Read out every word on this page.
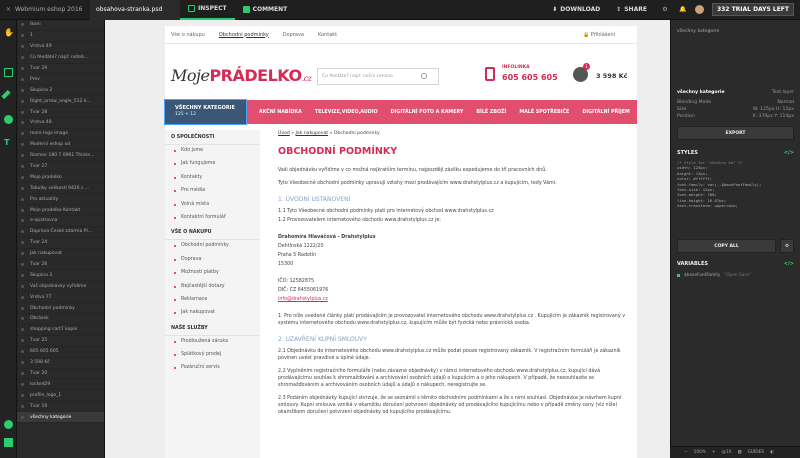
✕ Webmium eshop 2016 obsahova-stranka.psd	INSPECT	COMMENT	⬇ DOWNLOAD	⇪ SHARE	⚙	🔔	332 TRIAL DAYS LEFT
✋
T
Ikoni
1
Vrstva 49
Co hledáte? např. noteb...
Tvar 29
Prev
Skupina 2
Right_arrow_angle_512 k...
Tvar 28
Vrstva 48
more logo image
Moderní eshop od
Rozmer 180 7 0961 Thinks...
Tvar 27
Mojo pradelko
Tabulky velikostí 9426 s ...
Pro aktuality
Mojo pradelko Kontakt
e-opatrovna
Doprava České zdarma Pl...
Tvar 24
Jak nakupovat
Tvar 26
Skupina 3
Vaš objednávky vyřídíme
Vrstva 77
Obchodní podmínky
Obrázek
shopping cart7 kopie
Tvar 25
605 605 605
3 598 Kč
Tvar 20
locked29
profile_logo_1
Tvar 19
všechny kategorie
Vše o nákupu	Obchodní podmínky	Doprava	Kontakt	🔒 Přihlášení
MojePRÁDELKO.cz Co hledáte? např. noční Lenovo
INFOLINKA
605 605 605
1
3 598 Kč
VŠECHNY KATEGORIE
125 + 12	AKČNÍ NABÍDKA	TELEVIZE,VIDEO,AUDIO	DIGITÁLNÍ FOTO A KAMERY	BÍLÉ ZBOŽÍ	MALÉ SPOTŘEBIČE	DIGITÁLNÍ PŘÍJEM
O SPOLEČNOSTI
Kdo jsme
Jak fungujeme
Kontakty
Pro média
Volná místa
Kontaktní formulář
VŠE O NÁKUPU
Obchodní podmínky
Doprava
Možnosti platby
Nejčastější dotazy
Reklamace
Jak nakupovat
NAŠE SLUŽBY
Prodloužená záruka
Splátkový prodej
Pozáruční servis
Úvod » Jak nakupovat » Obchodní podmínky
OBCHODNÍ PODMÍNKY
Vaši objednávku vyřídíme v co možná nejkratším termínu, nejpozději zásilku expedujeme do tří pracovních dnů.
Tyto Všeobecné obchodní podmínky upravují vztahy mezi prodávajícím www.drahstylplus.cz a kupujícím, tedy Vámi.
1. ÚVODNÍ USTANOVENÍ
1.1 Tyto Všeobecné obchodní podmínky platí pro internetový obchod www.drahstylplus.cz
1.2 Provozovatelem internetového obchodu www.drahstylplus.cz je:
Drahomíra Hlaváčová - Drahstylplus
Dehtínská 1222/20
Praha 5 Radotín
15300
IČO: 12582875
DIČ: CZ 6455061976
info@drahstylplus.cz
1. Pro níže uvedené články platí prodávajícím je provozovatel internetového obchodu www.drahstylplus.cz . Kupujícím je zákazník registrovaný v systému internetového obchodu www.drahstylplus.cz, kupujícím může být fyzická nebo právnická osoba.
2. UZAVŘENÍ KUPNÍ SMLOUVY
2.1 Objednávku do internetového obchodu www.drahstylplus.cz může podat pouze registrovaný zákazník. V registračním formuláři je zákazník povinen uvést pravdivé a úplné údaje.
2.2 Vyplněním registračního formuláře (nebo závazné objednávky) v rámci internetového obchodu www.drahstylplus.cz, kupující dává prodávajícímu souhlas k shromažďování a archivování osobních údajů o kupujícím a o jeho nákupech. V případě, že nesouhlasíte se shromažďováním a archivováním osobních údajů a údajů o nákupech, neregistrujte se.
2.3 Podáním objednávky kupující stvrzuje, že se seznámil s těmito obchodními podmínkami a že s nimi souhlasí. Objednávka je návrhem kupní smlouvy. Kupní smlouva vzniká v okamžiku doručení potvrzení objednávky od prodávajícího kupujícímu nebo v případě změny ceny (viz níže) okamžikem doručení potvrzení objednávky od kupujícího prodávajícímu.
všechny kategorie
všechny kategorie	Text layer
Blending Mode	Normal
Size	W: 125px H: 12px
Position	X: 370px Y: 114px
EXPORT
STYLES	</>
/* Style for "všechny ka" */
width: 125px;
height: 12px;
color: #ffffff;
font-family: var(--$baseFontFamily);
font-size: 12px;
font-weight: 700;
line-height: 16.07px;
text-transform: uppercase;
COPY ALL	⚙
VARIABLES	</>
$baseFontFamily "Open Sans"
− 100% + @1X ▦ GUIDES ◐
